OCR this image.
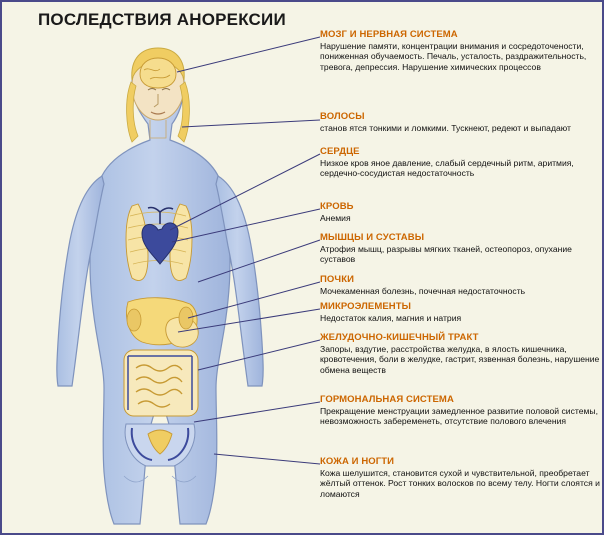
ПОСЛЕДСТВИЯ АНОРЕКСИИ
МОЗГ И НЕРВНАЯ СИСТЕМА
Нарушение памяти, концентрации внимания и сосредоточености, пониженная обучаемость. Печаль, усталость, раздражительность, тревога, депрессия. Нарушение химических процессов
ВОЛОСЫ
станов ятся тонкими и ломкими. Тускнеют, редеют и выпадают
СЕРДЦЕ
Низкое кров яное давление, слабый сердечный ритм, аритмия, сердечно-сосудистая недостаточность
КРОВЬ
Анемия
МЫШЦЫ И СУСТАВЫ
Атрофия мышц, разрывы мягких тканей, остеопороз, опухание суставов
ПОЧКИ
Мочекаменная болезнь, почечная недостаточность
МИКРОЭЛЕМЕНТЫ
Недостаток калия, магния и натрия
ЖЕЛУДОЧНО-КИШЕЧНЫЙ ТРАКТ
Запоры, вздутие, расстройства желудка, в ялость кишечника, кровотечения, боли в желудке, гастрит, язвенная болезнь, нарушение обмена веществ
ГОРМОНАЛЬНАЯ СИСТЕМА
Прекращение менструации замедленное развитие половой системы, невозможность забеременеть, отсутствие полового влечения
КОЖА И НОГТИ
Кожа шелушится, становится сухой и чувствительной, преобретает жёлтый оттенок. Рост тонких волосков по всему телу. Ногти слоятся и ломаются
